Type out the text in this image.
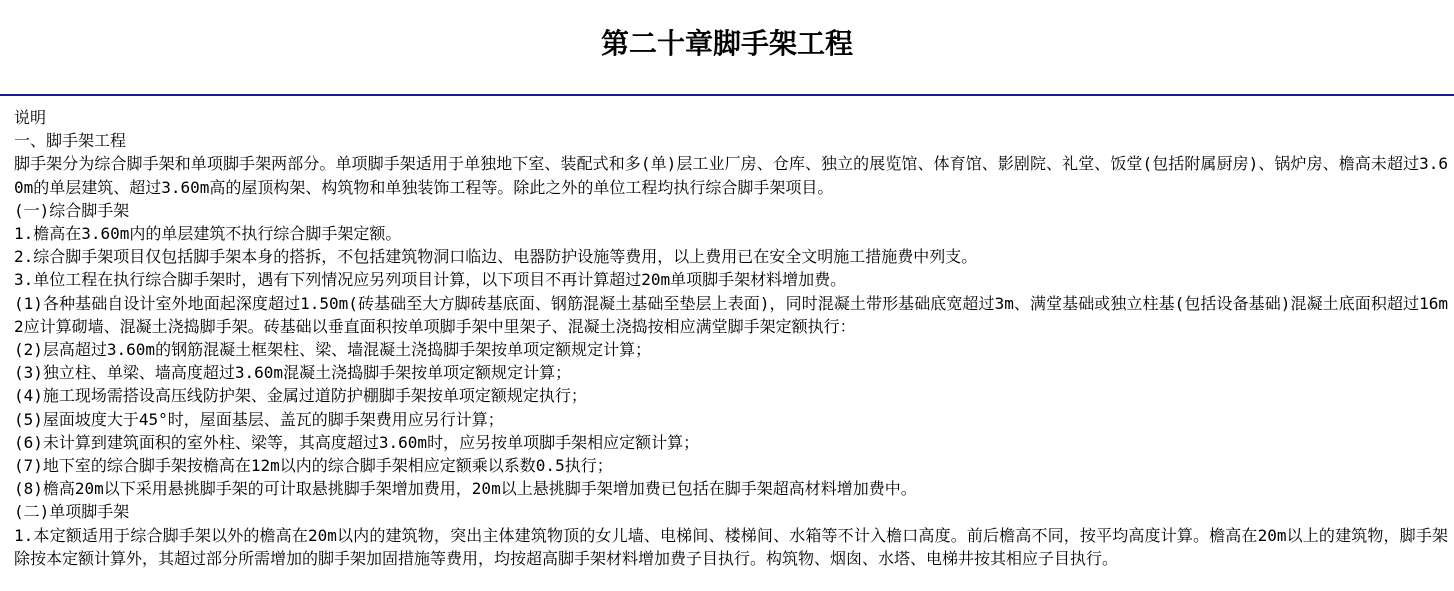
第二十章脚手架工程

说明

一、脚手架工程

脚手架分为综合脚手架和单项脚手架两部分。单项脚手架适用于单独地下室、装配式和多(单)层工业厂房、仓库、独立的展览馆、体育馆、影剧院、礼堂、饭堂(包括附属厨房)、锅炉房、檐高未超过3.60m的单层建筑、超过3.60m高的屋顶构架、构筑物和单独装饰工程等。除此之外的单位工程均执行综合脚手架项目。

(一)综合脚手架

1.檐高在3.60m内的单层建筑不执行综合脚手架定额。

2.综合脚手架项目仅包括脚手架本身的搭拆，不包括建筑物洞口临边、电器防护设施等费用，以上费用已在安全文明施工措施费中列支。

3.单位工程在执行综合脚手架时，遇有下列情况应另列项目计算，以下项目不再计算超过20m单项脚手架材料增加费。

(1)各种基础自设计室外地面起深度超过1.50m(砖基础至大方脚砖基底面、钢筋混凝土基础至垫层上表面)，同时混凝土带形基础底宽超过3m、满堂基础或独立柱基(包括设备基础)混凝土底面积超过16m2应计算砌墙、混凝土浇捣脚手架。砖基础以垂直面积按单项脚手架中里架子、混凝土浇捣按相应满堂脚手架定额执行：

(2)层高超过3.60m的钢筋混凝土框架柱、梁、墙混凝土浇捣脚手架按单项定额规定计算；

(3)独立柱、单梁、墙高度超过3.60m混凝土浇捣脚手架按单项定额规定计算；

(4)施工现场需搭设高压线防护架、金属过道防护棚脚手架按单项定额规定执行；

(5)屋面坡度大于45°时，屋面基层、盖瓦的脚手架费用应另行计算；

(6)未计算到建筑面积的室外柱、梁等，其高度超过3.60m时，应另按单项脚手架相应定额计算；

(7)地下室的综合脚手架按檐高在12m以内的综合脚手架相应定额乘以系数0.5执行；

(8)檐高20m以下采用悬挑脚手架的可计取悬挑脚手架增加费用，20m以上悬挑脚手架增加费已包括在脚手架超高材料增加费中。

(二)单项脚手架

1.本定额适用于综合脚手架以外的檐高在20m以内的建筑物，突出主体建筑物顶的女儿墙、电梯间、楼梯间、水箱等不计入檐口高度。前后檐高不同，按平均高度计算。檐高在20m以上的建筑物，脚手架除按本定额计算外，其超过部分所需增加的脚手架加固措施等费用，均按超高脚手架材料增加费子目执行。构筑物、烟囱、水塔、电梯井按其相应子目执行。
